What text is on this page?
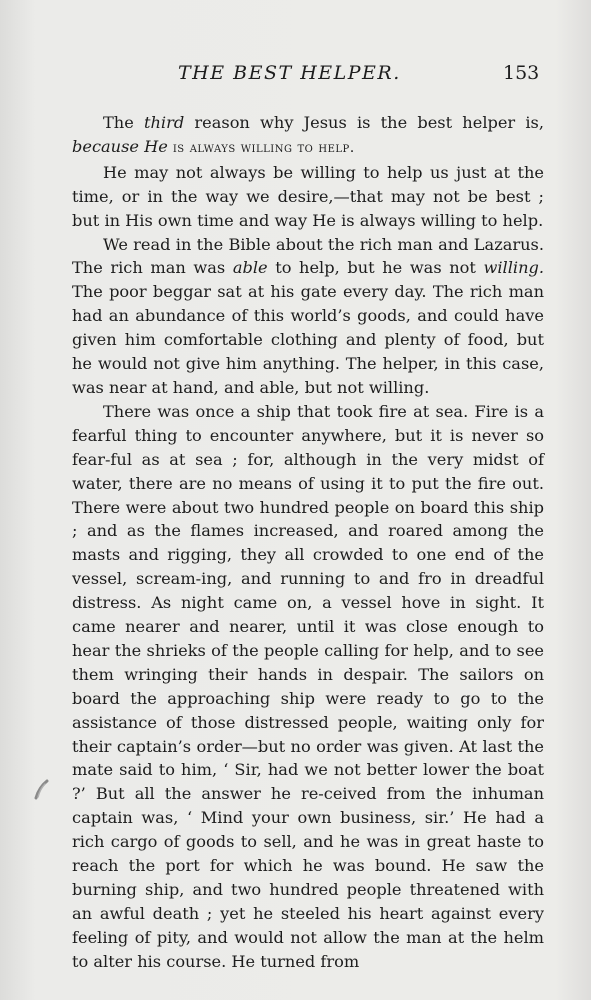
THE BEST HELPER.	153

The third reason why Jesus is the best helper is, because He is always willing to help.

He may not always be willing to help us just at the time, or in the way we desire,—that may not be best ; but in His own time and way He is always willing to help.

We read in the Bible about the rich man and Lazarus. The rich man was able to help, but he was not willing. The poor beggar sat at his gate every day. The rich man had an abundance of this world’s goods, and could have given him comfortable clothing and plenty of food, but he would not give him anything. The helper, in this case, was near at hand, and able, but not willing.

There was once a ship that took fire at sea. Fire is a fearful thing to encounter anywhere, but it is never so fear-ful as at sea ; for, although in the very midst of water, there are no means of using it to put the fire out. There were about two hundred people on board this ship ; and as the flames increased, and roared among the masts and rigging, they all crowded to one end of the vessel, scream-ing, and running to and fro in dreadful distress. As night came on, a vessel hove in sight. It came nearer and nearer, until it was close enough to hear the shrieks of the people calling for help, and to see them wringing their hands in despair. The sailors on board the approaching ship were ready to go to the assistance of those distressed people, waiting only for their captain’s order—but no order was given. At last the mate said to him, ‘ Sir, had we not better lower the boat ?’ But all the answer he re-ceived from the inhuman captain was, ‘ Mind your own business, sir.’ He had a rich cargo of goods to sell, and he was in great haste to reach the port for which he was bound. He saw the burning ship, and two hundred people threatened with an awful death ; yet he steeled his heart against every feeling of pity, and would not allow the man at the helm to alter his course. He turned from
